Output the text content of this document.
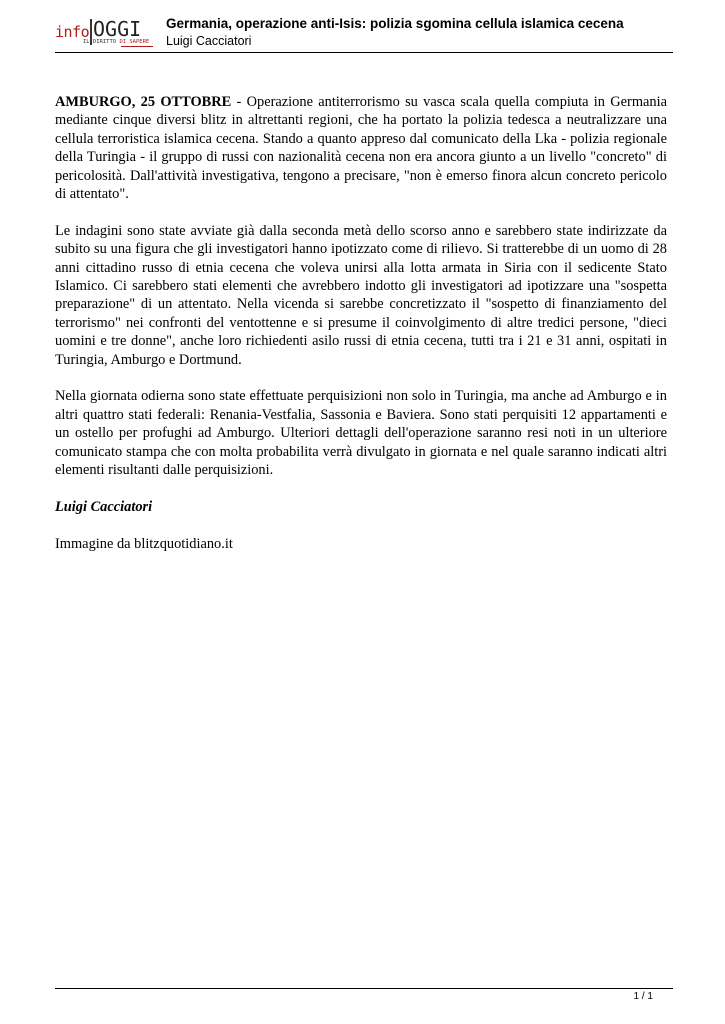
info OGGI
IL DIRITTO DI SAPERE
Germania, operazione anti-Isis: polizia sgomina cellula islamica cecena
Luigi Cacciatori

AMBURGO, 25 OTTOBRE - Operazione antiterrorismo su vasca scala quella compiuta in Germania mediante cinque diversi blitz in altrettanti regioni, che ha portato la polizia tedesca a neutralizzare una cellula terroristica islamica cecena. Stando a quanto appreso dal comunicato della Lka - polizia regionale della Turingia - il gruppo di russi con nazionalità cecena non era ancora giunto a un livello "concreto" di pericolosità. Dall'attività investigativa, tengono a precisare, "non è emerso finora alcun concreto pericolo di attentato".

Le indagini sono state avviate già dalla seconda metà dello scorso anno e sarebbero state indirizzate da subito su una figura che gli investigatori hanno ipotizzato come di rilievo. Si tratterebbe di un uomo di 28 anni cittadino russo di etnia cecena che voleva unirsi alla lotta armata in Siria con il sedicente Stato Islamico. Ci sarebbero stati elementi che avrebbero indotto gli investigatori ad ipotizzare una "sospetta preparazione" di un attentato. Nella vicenda si sarebbe concretizzato il "sospetto di finanziamento del terrorismo" nei confronti del ventottenne e si presume il coinvolgimento di altre tredici persone, "dieci uomini e tre donne", anche loro richiedenti asilo russi di etnia cecena, tutti tra i 21 e 31 anni, ospitati in Turingia, Amburgo e Dortmund.

Nella giornata odierna sono state effettuate perquisizioni non solo in Turingia, ma anche ad Amburgo e in altri quattro stati federali: Renania-Vestfalia, Sassonia e Baviera. Sono stati perquisiti 12 appartamenti e un ostello per profughi ad Amburgo. Ulteriori dettagli dell'operazione saranno resi noti in un ulteriore comunicato stampa che con molta probabilita verrà divulgato in giornata e nel quale saranno indicati altri elementi risultanti dalle perquisizioni.

Luigi Cacciatori

Immagine da blitzquotidiano.it

1 / 1
